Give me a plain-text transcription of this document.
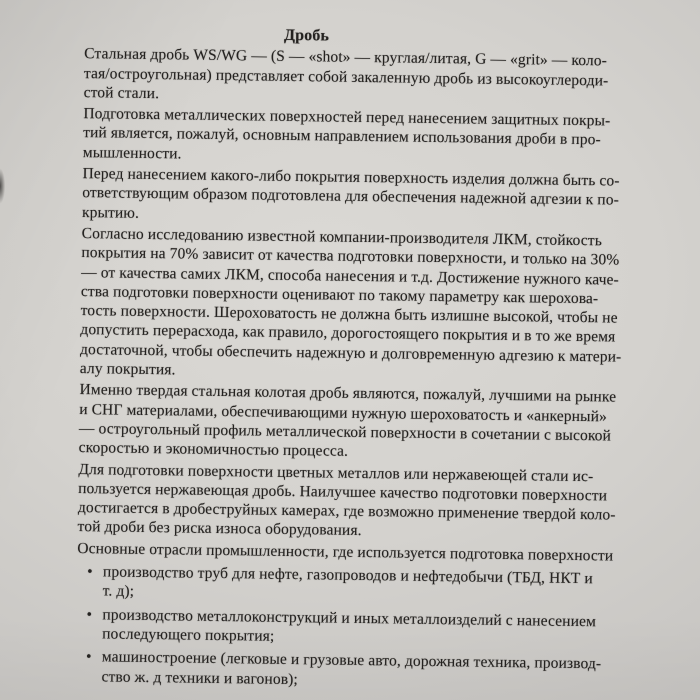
Дробь
Стальная дробь WS/WG — (S — «shot» — круглая/литая, G — «grit» — коло-
тая/остроугольная) представляет собой закаленную дробь из высокоуглероди-
стой стали.
Подготовка металлических поверхностей перед нанесением защитных покры-
тий является, пожалуй, основным направлением использования дроби в про-
мышленности.
Перед нанесением какого-либо покрытия поверхность изделия должна быть со-
ответствующим образом подготовлена для обеспечения надежной адгезии к по-
крытию.
Согласно исследованию известной компании-производителя ЛКМ, стойкость
покрытия на 70% зависит от качества подготовки поверхности, и только на 30%
— от качества самих ЛКМ, способа нанесения и т.д. Достижение нужного каче-
ства подготовки поверхности оценивают по такому параметру как шерохова-
тость поверхности. Шероховатость не должна быть излишне высокой, чтобы не
допустить перерасхода, как правило, дорогостоящего покрытия и в то же время
достаточной, чтобы обеспечить надежную и долговременную адгезию к матери-
алу покрытия.
Именно твердая стальная колотая дробь являются, пожалуй, лучшими на рынке
и СНГ материалами, обеспечивающими нужную шероховатость и «анкерный»
— остроугольный профиль металлической поверхности в сочетании с высокой
скоростью и экономичностью процесса.
Для подготовки поверхности цветных металлов или нержавеющей стали ис-
пользуется нержавеющая дробь. Наилучшее качество подготовки поверхности
достигается в дробеструйных камерах, где возможно применение твердой коло-
той дроби без риска износа оборудования.
Основные отрасли промышленности, где используется подготовка поверхности
• производство труб для нефте, газопроводов и нефтедобычи (ТБД, НКТ и
т. д);
• производство металлоконструкций и иных металлоизделий с нанесением
последующего покрытия;
• машиностроение (легковые и грузовые авто, дорожная техника, производ-
ство ж. д техники и вагонов);
